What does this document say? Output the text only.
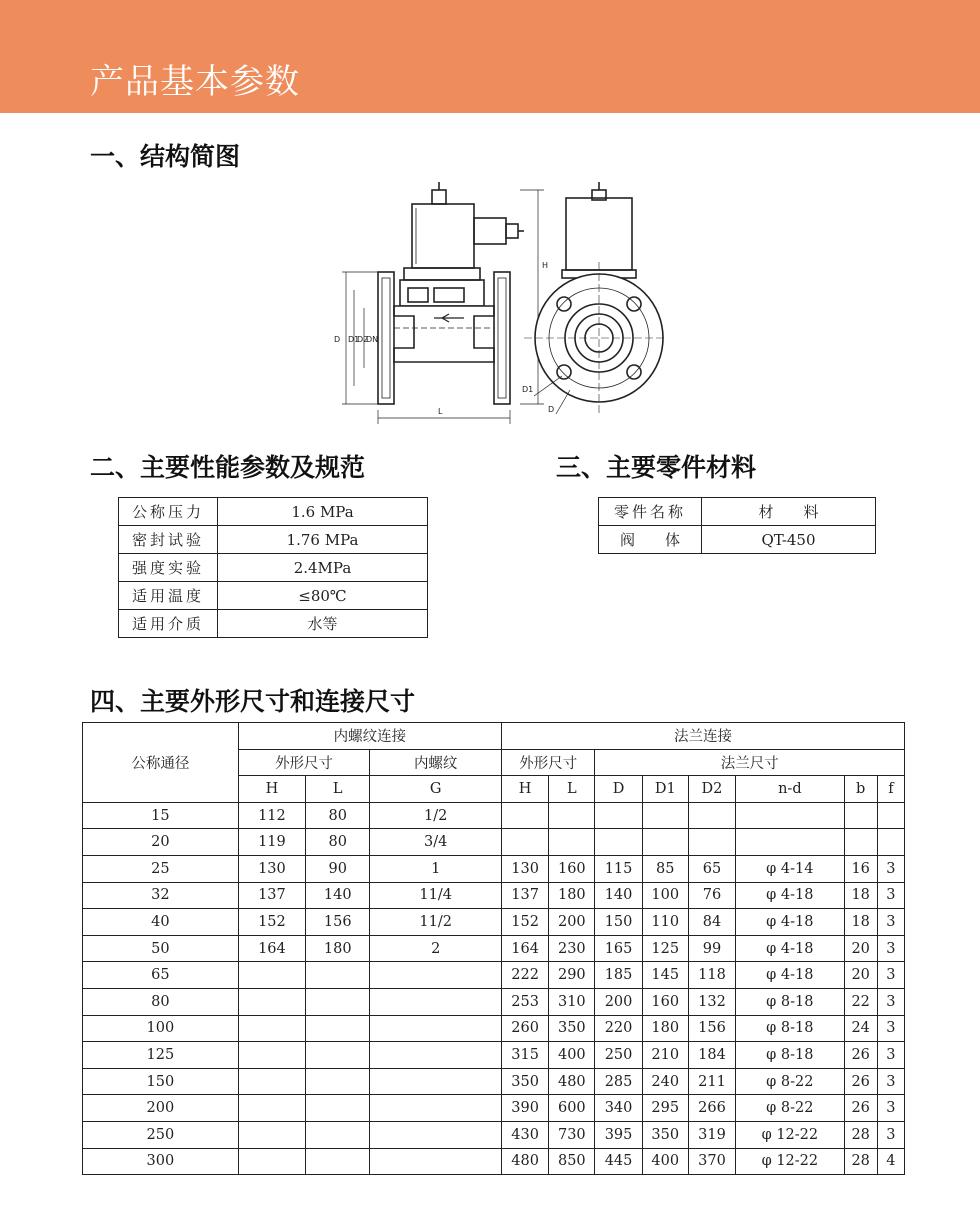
产品基本参数
一、结构简图
D D1
D2
DN
L
H
D1
D
二、主要性能参数及规范	三、主要零件材料
公称压力	1.6 MPa
密封试验	1.76 MPa
强度实验	2.4MPa
适用温度	≤80℃
适用介质	水等
零件名称	材　　料
阀　　体	QT-450
四、主要外形尺寸和连接尺寸
公称通径	内螺纹连接			法兰连接							
	外形尺寸		内螺纹	外形尺寸		法兰尺寸					
	H	L	G	H	L	D	D1	D2	n-d	b	f
15	112	80	1/2								
20	119	80	3/4								
25	130	90	1	130	160	115	85	65	φ 4-14	16	3
32	137	140	11/4	137	180	140	100	76	φ 4-18	18	3
40	152	156	11/2	152	200	150	110	84	φ 4-18	18	3
50	164	180	2	164	230	165	125	99	φ 4-18	20	3
65				222	290	185	145	118	φ 4-18	20	3
80				253	310	200	160	132	φ 8-18	22	3
100				260	350	220	180	156	φ 8-18	24	3
125				315	400	250	210	184	φ 8-18	26	3
150				350	480	285	240	211	φ 8-22	26	3
200				390	600	340	295	266	φ 8-22	26	3
250				430	730	395	350	319	φ 12-22	28	3
300				480	850	445	400	370	φ 12-22	28	4
